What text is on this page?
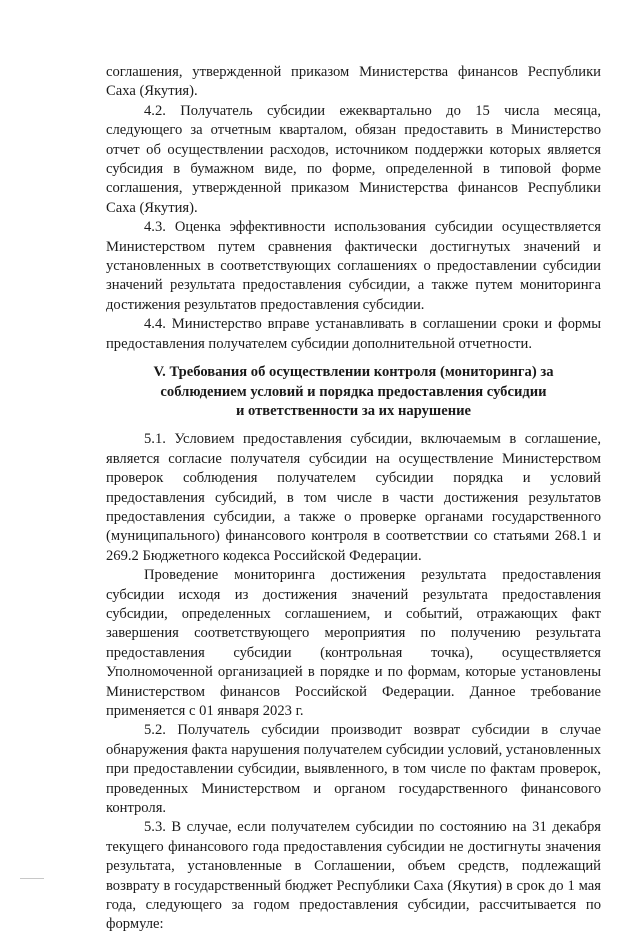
соглашения, утвержденной приказом Министерства финансов Республики Саха (Якутия).

4.2. Получатель субсидии ежеквартально до 15 числа месяца, следующего за отчетным кварталом, обязан предоставить в Министерство отчет об осуществлении расходов, источником поддержки которых является субсидия в бумажном виде, по форме, определенной в типовой форме соглашения, утвержденной приказом Министерства финансов Республики Саха (Якутия).

4.3. Оценка эффективности использования субсидии осуществляется Министерством путем сравнения фактически достигнутых значений и установленных в соответствующих соглашениях о предоставлении субсидии значений результата предоставления субсидии, а также путем мониторинга достижения результатов предоставления субсидии.

4.4. Министерство вправе устанавливать в соглашении сроки и формы предоставления получателем субсидии дополнительной отчетности.

V. Требования об осуществлении контроля (мониторинга) за
соблюдением условий и порядка предоставления субсидии
и ответственности за их нарушение

5.1. Условием предоставления субсидии, включаемым в соглашение, является согласие получателя субсидии на осуществление Министерством проверок соблюдения получателем субсидии порядка и условий предоставления субсидий, в том числе в части достижения результатов предоставления субсидии, а также о проверке органами государственного (муниципального) финансового контроля в соответствии со статьями 268.1 и 269.2 Бюджетного кодекса Российской Федерации.

Проведение мониторинга достижения результата предоставления субсидии исходя из достижения значений результата предоставления субсидии, определенных соглашением, и событий, отражающих факт завершения соответствующего мероприятия по получению результата предоставления субсидии (контрольная точка), осуществляется Уполномоченной организацией в порядке и по формам, которые установлены Министерством финансов Российской Федерации. Данное требование применяется с 01 января 2023 г.

5.2. Получатель субсидии производит возврат субсидии в случае обнаружения факта нарушения получателем субсидии условий, установленных при предоставлении субсидии, выявленного, в том числе по фактам проверок, проведенных Министерством и органом государственного финансового контроля.

5.3. В случае, если получателем субсидии по состоянию на 31 декабря текущего финансового года предоставления субсидии не достигнуты значения результата, установленные в Соглашении, объем средств, подлежащий возврату в государственный бюджет Республики Саха (Якутия) в срок до 1 мая года, следующего за годом предоставления субсидии, рассчитывается по формуле:
